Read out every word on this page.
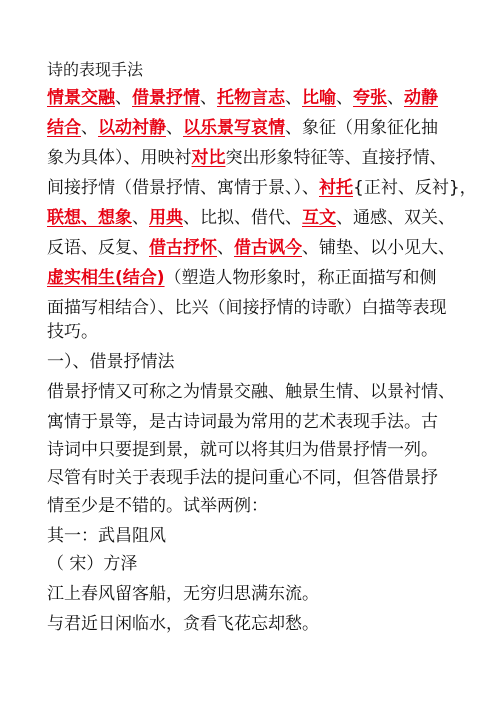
诗的表现手法
情景交融、借景抒情、托物言志、比喻、夸张、动静
结合、以动衬静、以乐景写哀情、象征（用象征化抽
象为具体）、用映衬对比突出形象特征等、直接抒情、
间接抒情（借景抒情、寓情于景、）、衬托{正衬、反衬}，
联想、想象、用典、比拟、借代、互文、通感、双关、
反语、反复、借古抒怀、借古讽今、铺垫、以小见大、
虚实相生(结合)（塑造人物形象时，称正面描写和侧
面描写相结合）、比兴（间接抒情的诗歌）白描等表现
技巧。
一）、借景抒情法
借景抒情又可称之为情景交融、触景生情、以景衬情、
寓情于景等，是古诗词最为常用的艺术表现手法。古
诗词中只要提到景，就可以将其归为借景抒情一列。
尽管有时关于表现手法的提问重心不同，但答借景抒
情至少是不错的。试举两例：
其一：武昌阻风
（ 宋）方泽
江上春风留客船，无穷归思满东流。
与君近日闲临水，贪看飞花忘却愁。
